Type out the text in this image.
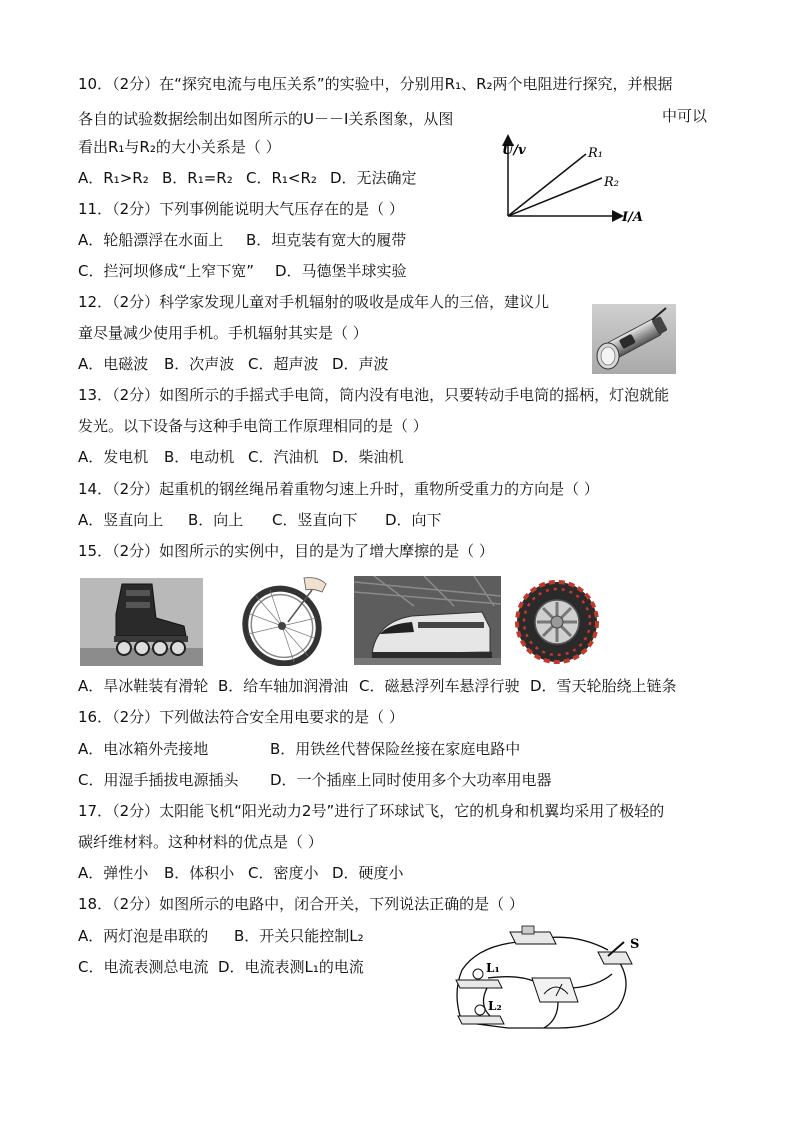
10．（2分）在“探究电流与电压关系”的实验中，分别用R₁、R₂两个电阻进行探究，并根据
各自的试验数据绘制出如图所示的U－－I关系图象，从图	中可以
看出R₁与R₂的大小关系是（ ）
A．R₁>R₂ B．R₁=R₂ C．R₁<R₂ D．无法确定
U/v
I/A
R₁
R₂
11．（2分）下列事例能说明大气压存在的是（ ）
A．轮船漂浮在水面上 B．坦克装有宽大的履带
C．拦河坝修成“上窄下宽” D．马德堡半球实验
12．（2分）科学家发现儿童对手机辐射的吸收是成年人的三倍，建议儿
童尽量减少使用手机。手机辐射其实是（ ）
A．电磁波 B．次声波 C．超声波 D．声波
13．（2分）如图所示的手摇式手电筒，筒内没有电池，只要转动手电筒的摇柄，灯泡就能
发光。以下设备与这种手电筒工作原理相同的是（ ）
A．发电机 B．电动机 C．汽油机 D．柴油机
14．（2分）起重机的钢丝绳吊着重物匀速上升时，重物所受重力的方向是（ ）
A．竖直向上 B．向上 C．竖直向下 D．向下
15．（2分）如图所示的实例中，目的是为了增大摩擦的是（ ）
A．旱冰鞋装有滑轮 B．给车轴加润滑油 C．磁悬浮列车悬浮行驶 D．雪天轮胎绕上链条
16．（2分）下列做法符合安全用电要求的是（ ）
A．电冰箱外壳接地	B．用铁丝代替保险丝接在家庭电路中
C．用湿手插拔电源插头 D．一个插座上同时使用多个大功率用电器
17．（2分）太阳能飞机“阳光动力2号”进行了环球试飞，它的机身和机翼均采用了极轻的
碳纤维材料。这种材料的优点是（ ）
A．弹性小 B．体积小 C．密度小 D．硬度小
18．（2分）如图所示的电路中，闭合开关，下列说法正确的是（ ）
A．两灯泡是串联的 B．开关只能控制L₂
C．电流表测总电流 D．电流表测L₁的电流
S
L₁
L₂
